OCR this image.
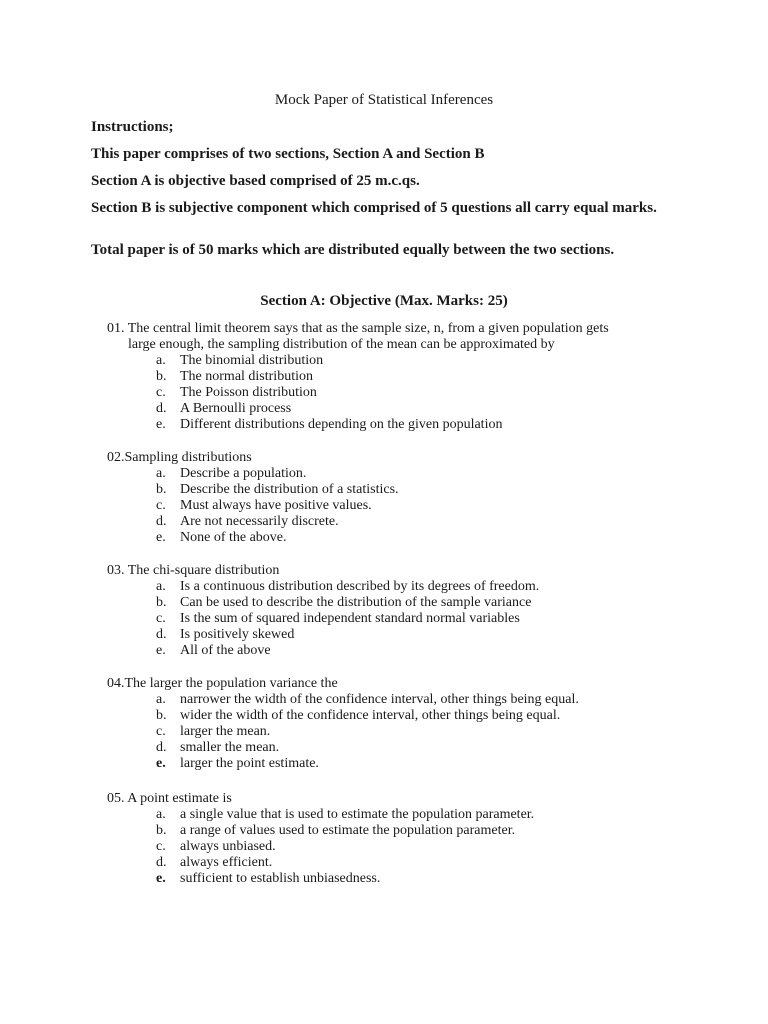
Mock Paper of Statistical Inferences
Instructions;
This paper comprises of two sections, Section A and Section B
Section A is objective based comprised of 25 m.c.qs.
Section B is subjective component which comprised of 5 questions all carry equal marks.
Total paper is of 50 marks which are distributed equally between the two sections.
Section A: Objective (Max. Marks: 25)
01. The central limit theorem says that as the sample size, n, from a given population gets
large enough, the sampling distribution of the mean can be approximated by
a.	The binomial distribution
b. The normal distribution
c.	The Poisson distribution
d. A Bernoulli process
e.	Different distributions depending on the given population
02.Sampling distributions
a.	Describe a population.
b. Describe the distribution of a statistics.
c.	Must always have positive values.
d. Are not necessarily discrete.
e.	None of the above.
03. The chi-square distribution
a.	Is a continuous distribution described by its degrees of freedom.
b. Can be used to describe the distribution of the sample variance
c.	Is the sum of squared independent standard normal variables
d. Is positively skewed
e.	All of the above
04.The larger the population variance the
a.	narrower the width of the confidence interval, other things being equal.
b. wider the width of the confidence interval, other things being equal.
c.	larger the mean.
d. smaller the mean.
e.	larger the point estimate.
05. A point estimate is
a.	a single value that is used to estimate the population parameter.
b. a range of values used to estimate the population parameter.
c.	always unbiased.
d. always efficient.
e.	sufficient to establish unbiasedness.
